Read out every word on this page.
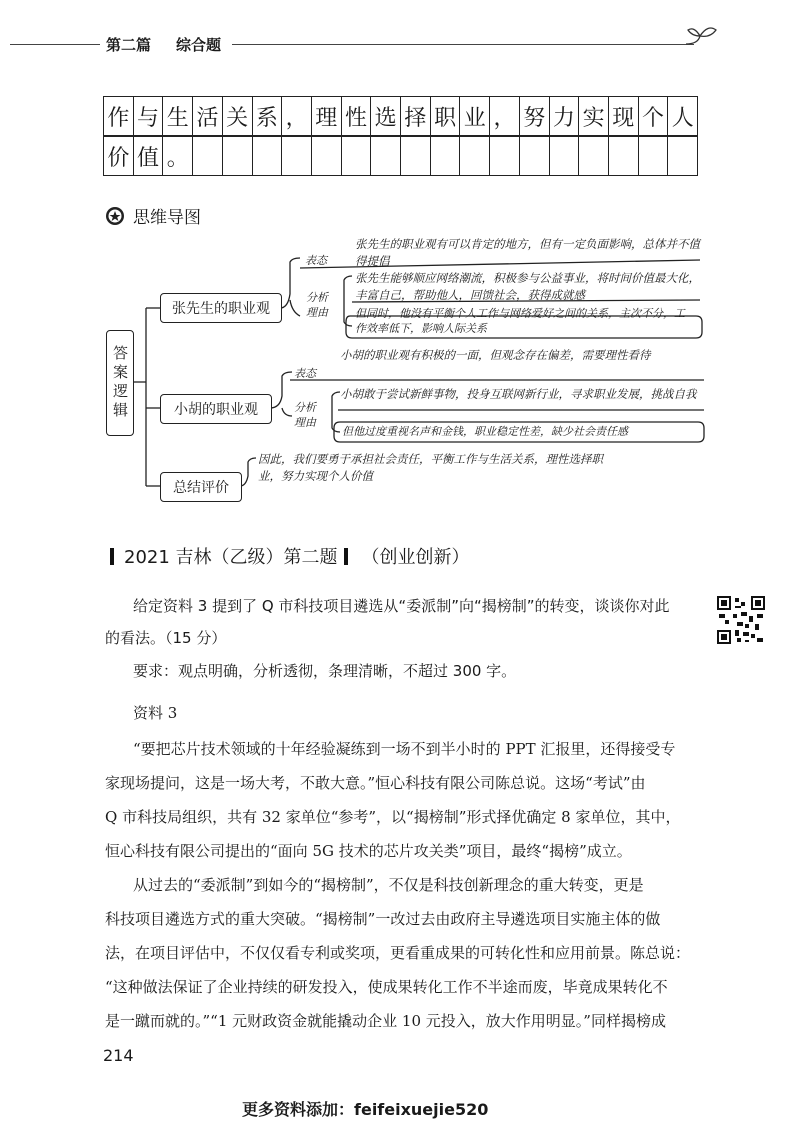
第二篇 综合题
作 与 生 活 关 系 ， 理 性 选 择 职 业 ， 努 力 实 现 个 人
价 值 。
思维导图
答案逻辑
张先生的职业观
小胡的职业观
总结评价
表态
分析理由
张先生的职业观有可以肯定的地方，但有一定负面影响，总体并不值得提倡
张先生能够顺应网络潮流，积极参与公益事业，将时间价值最大化，丰富自己，帮助他人，回馈社会，获得成就感
但同时，他没有平衡个人工作与网络爱好之间的关系，主次不分，工作效率低下，影响人际关系
表态
分析理由
小胡的职业观有积极的一面，但观念存在偏差，需要理性看待
小胡敢于尝试新鲜事物，投身互联网新行业，寻求职业发展，挑战自我
但他过度重视名声和金钱，职业稳定性差，缺少社会责任感
因此，我们要勇于承担社会责任，平衡工作与生活关系，理性选择职业，努力实现个人价值
2021 吉林（乙级）第二题 （创业创新）
给定资料 3 提到了 Q 市科技项目遴选从“委派制”向“揭榜制”的转变，谈谈你对此
的看法。（15 分）
要求：观点明确，分析透彻，条理清晰，不超过 300 字。
资料 3
“要把芯片技术领域的十年经验凝练到一场不到半小时的 PPT 汇报里，还得接受专
家现场提问，这是一场大考，不敢大意。”恒心科技有限公司陈总说。这场“考试”由
Q 市科技局组织，共有 32 家单位“参考”，以“揭榜制”形式择优确定 8 家单位，其中，
恒心科技有限公司提出的“面向 5G 技术的芯片攻关类”项目，最终“揭榜”成立。
从过去的“委派制”到如今的“揭榜制”，不仅是科技创新理念的重大转变，更是
科技项目遴选方式的重大突破。“揭榜制”一改过去由政府主导遴选项目实施主体的做
法，在项目评估中，不仅仅看专利或奖项，更看重成果的可转化性和应用前景。陈总说：
“这种做法保证了企业持续的研发投入，使成果转化工作不半途而废，毕竟成果转化不
是一蹴而就的。”“1 元财政资金就能撬动企业 10 元投入，放大作用明显。”同样揭榜成
214
更多资料添加：feifeixuejie520
